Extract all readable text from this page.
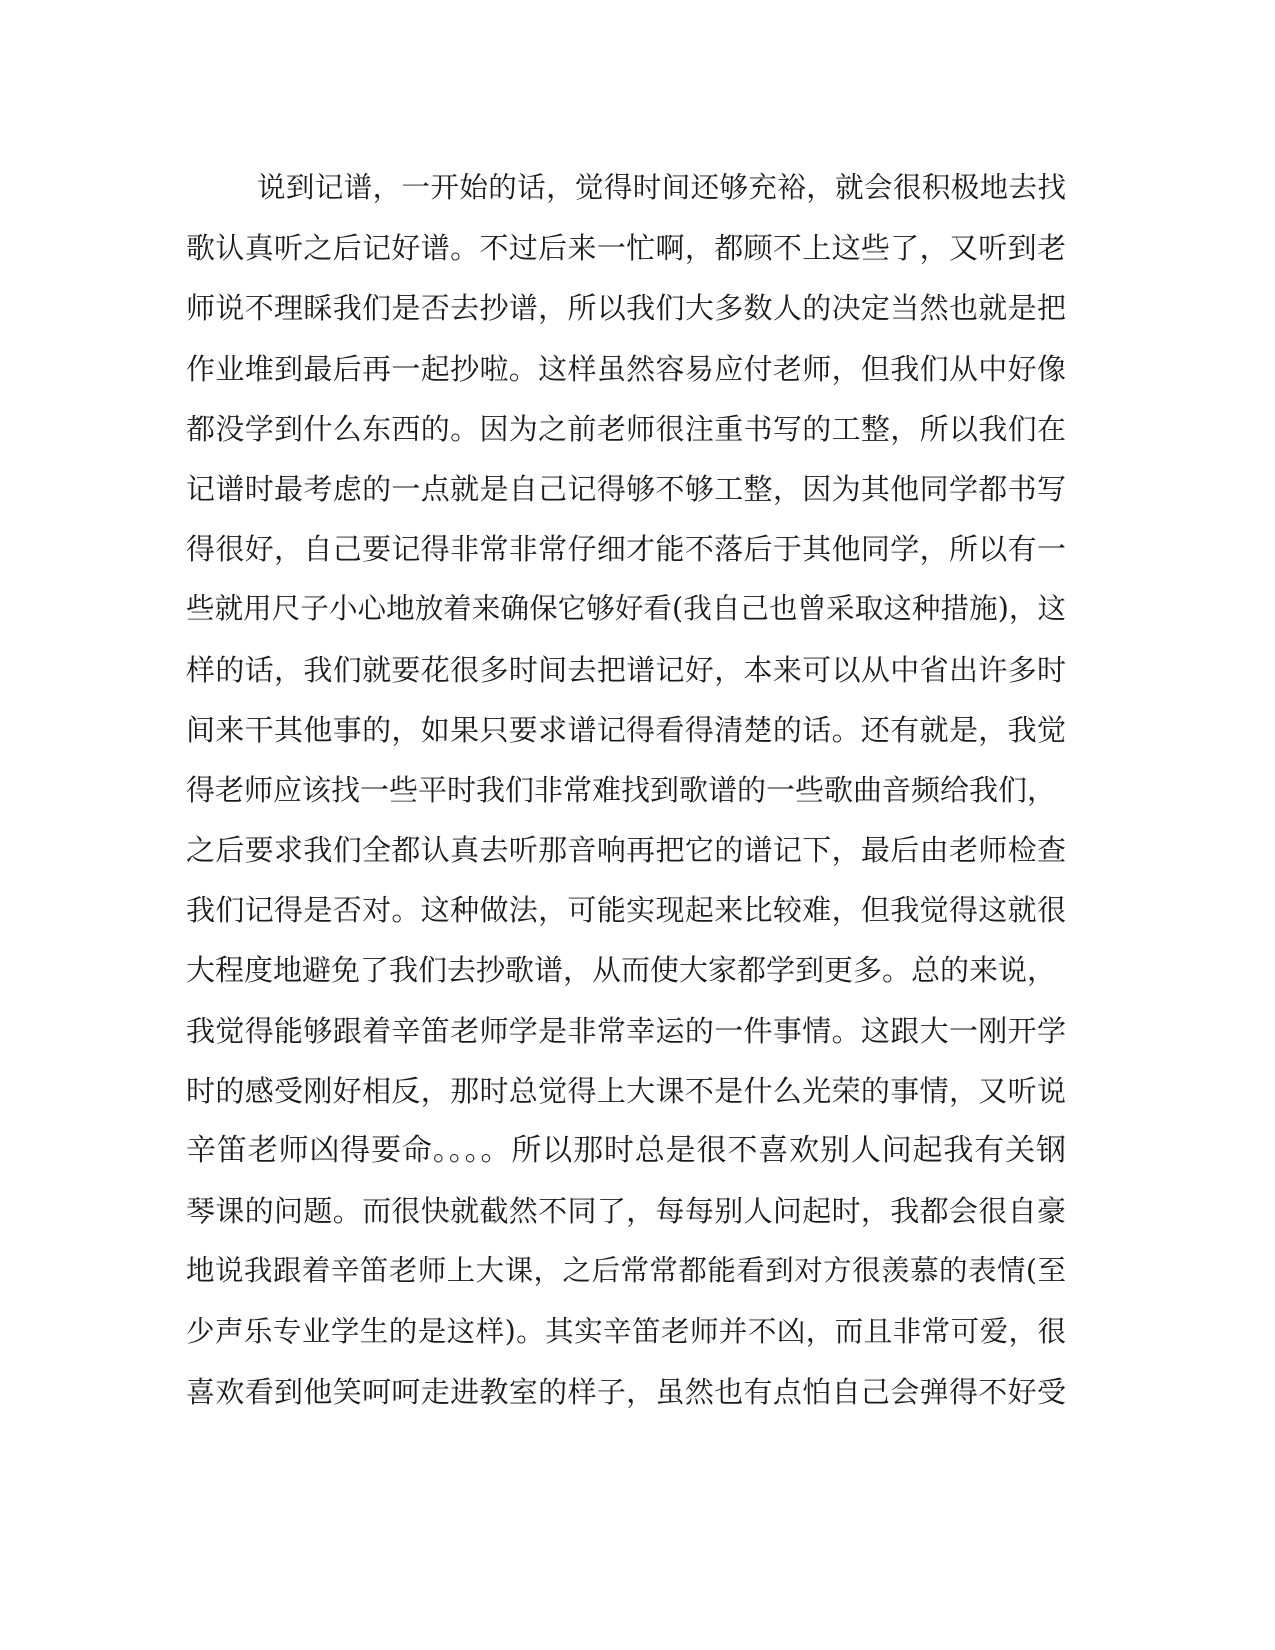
说到记谱，一开始的话，觉得时间还够充裕，就会很积极地去找
歌认真听之后记好谱。不过后来一忙啊，都顾不上这些了，又听到老
师说不理睬我们是否去抄谱，所以我们大多数人的决定当然也就是把
作业堆到最后再一起抄啦。这样虽然容易应付老师，但我们从中好像
都没学到什么东西的。因为之前老师很注重书写的工整，所以我们在
记谱时最考虑的一点就是自己记得够不够工整，因为其他同学都书写
得很好，自己要记得非常非常仔细才能不落后于其他同学，所以有一
些就用尺子小心地放着来确保它够好看(我自己也曾采取这种措施)，这
样的话，我们就要花很多时间去把谱记好，本来可以从中省出许多时
间来干其他事的，如果只要求谱记得看得清楚的话。还有就是，我觉
得老师应该找一些平时我们非常难找到歌谱的一些歌曲音频给我们，
之后要求我们全都认真去听那音响再把它的谱记下，最后由老师检查
我们记得是否对。这种做法，可能实现起来比较难，但我觉得这就很
大程度地避免了我们去抄歌谱，从而使大家都学到更多。总的来说，
我觉得能够跟着辛笛老师学是非常幸运的一件事情。这跟大一刚开学
时的感受刚好相反，那时总觉得上大课不是什么光荣的事情，又听说
辛笛老师凶得要命。。。。所以那时总是很不喜欢别人问起我有关钢
琴课的问题。而很快就截然不同了，每每别人问起时，我都会很自豪
地说我跟着辛笛老师上大课，之后常常都能看到对方很羡慕的表情(至
少声乐专业学生的是这样)。其实辛笛老师并不凶，而且非常可爱，很
喜欢看到他笑呵呵走进教室的样子，虽然也有点怕自己会弹得不好受
